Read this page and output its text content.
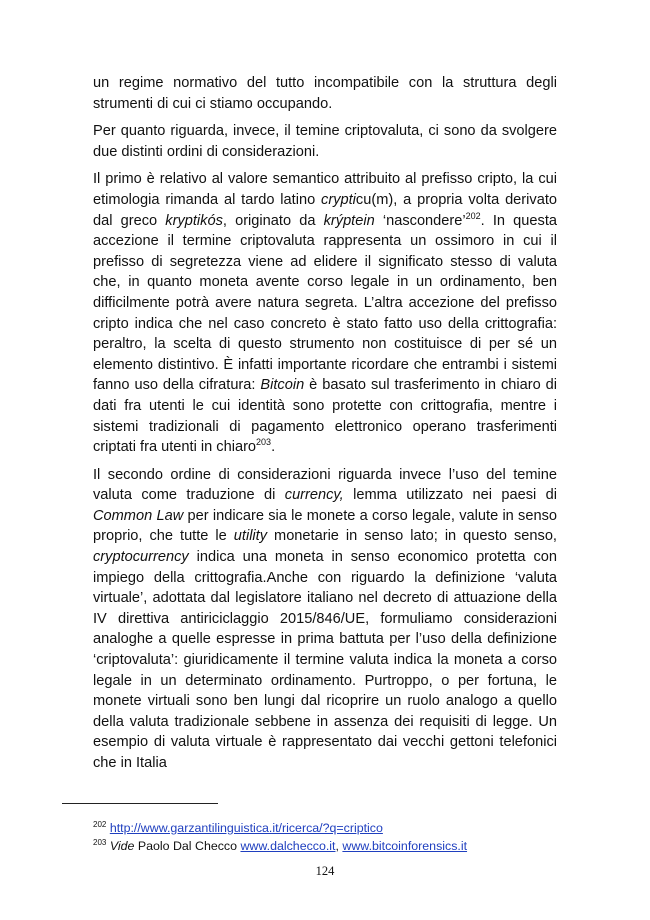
un regime normativo del tutto incompatibile con la struttura degli strumenti di cui ci stiamo occupando.

Per quanto riguarda, invece, il temine criptovaluta, ci sono da svolgere due distinti ordini di considerazioni.

Il primo è relativo al valore semantico attribuito al prefisso cripto, la cui etimologia rimanda al tardo latino crypticu(m), a propria volta derivato dal greco kryptikós, originato da krýptein ‘nascondere’$^{202}$. In questa accezione il termine criptovaluta rappresenta un ossimoro in cui il prefisso di segretezza viene ad elidere il significato stesso di valuta che, in quanto moneta avente corso legale in un ordinamento, ben difficilmente potrà avere natura segreta. L’altra accezione del prefisso cripto indica che nel caso concreto è stato fatto uso della crittografia: peraltro, la scelta di questo strumento non costituisce di per sé un elemento distintivo. È infatti importante ricordare che entrambi i sistemi fanno uso della cifratura: Bitcoin è basato sul trasferimento in chiaro di dati fra utenti le cui identità sono protette con crittografia, mentre i sistemi tradizionali di pagamento elettronico operano trasferimenti criptati fra utenti in chiaro$^{203}$.

Il secondo ordine di considerazioni riguarda invece l’uso del temine valuta come traduzione di currency, lemma utilizzato nei paesi di Common Law per indicare sia le monete a corso legale, valute in senso proprio, che tutte le utility monetarie in senso lato; in questo senso, cryptocurrency indica una moneta in senso economico protetta con impiego della crittografia.Anche con riguardo la definizione ‘valuta virtuale’, adottata dal legislatore italiano nel decreto di attuazione della IV direttiva antiriciclaggio 2015/846/UE, formuliamo considerazioni analoghe a quelle espresse in prima battuta per l’uso della definizione ‘criptovaluta’: giuridicamente il termine valuta indica la moneta a corso legale in un determinato ordinamento. Purtroppo, o per fortuna, le monete virtuali sono ben lungi dal ricoprire un ruolo analogo a quello della valuta tradizionale sebbene in assenza dei requisiti di legge. Un esempio di valuta virtuale è rappresentato dai vecchi gettoni telefonici che in Italia

$^{202}$ http://www.garzantilinguistica.it/ricerca/?q=criptico

$^{203}$ Vide Paolo Dal Checco www.dalchecco.it, www.bitcoinforensics.it

124
